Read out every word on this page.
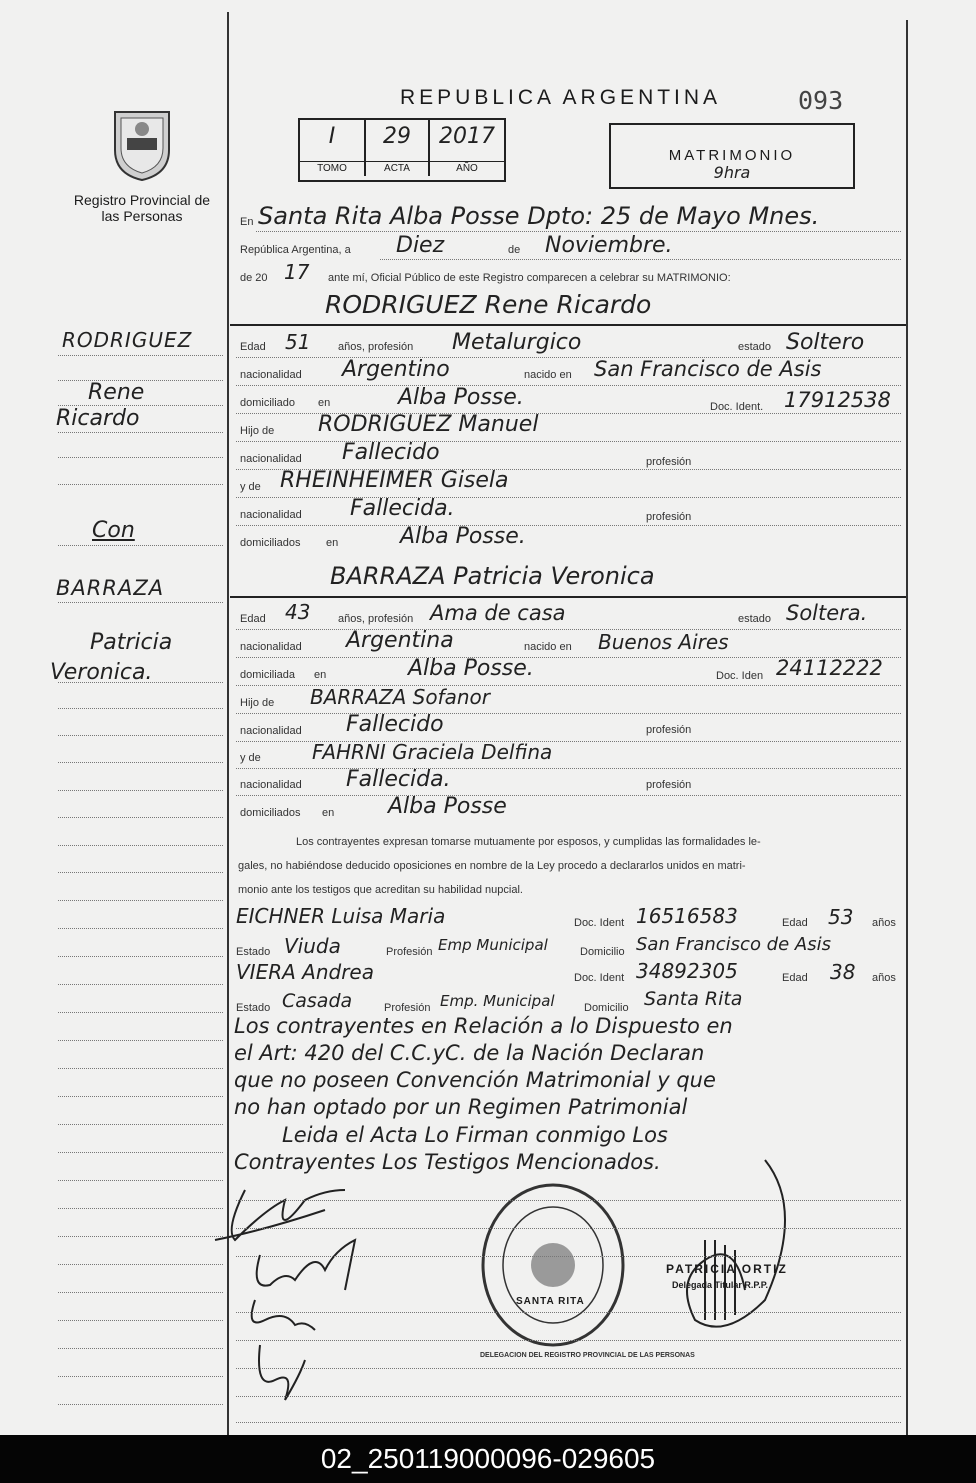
Registro Provincial de las Personas
REPUBLICA ARGENTINA	093
I
TOMO
29
ACTA
2017
AÑO
MATRIMONIO
9hra
En Santa Rita Alba Posse Dpto: 25 de Mayo Mnes.
República Argentina, a Diez	de Noviembre.
de 20 17 ante mí, Oficial Público de este Registro comparecen a celebrar su MATRIMONIO:
RODRIGUEZ Rene Ricardo
Edad 51	años, profesión Metalurgico	estado Soltero
nacionalidad Argentino	nacido en San Francisco de Asis
domiciliado en	Alba Posse.	Doc. Ident. 17912538
Hijo de RODRIGUEZ Manuel
nacionalidad Fallecido	profesión
y de RHEINHEIMER Gisela
nacionalidad Fallecida.	profesión
domiciliados en	Alba Posse.
BARRAZA Patricia Veronica
Edad 43	años, profesión Ama de casa	estado Soltera.
nacionalidad Argentina	nacido en Buenos Aires
domiciliada en	Alba Posse.	Doc. Iden 24112222
Hijo de BARRAZA Sofanor
nacionalidad Fallecido	profesión
y de	FAHRNI Graciela Delfina
nacionalidad Fallecida.	profesión
domiciliados en Alba Posse
Los contrayentes expresan tomarse mutuamente por esposos, y cumplidas las formalidades le-
gales, no habiéndose deducido oposiciones en nombre de la Ley procedo a declararlos unidos en matri-
monio ante los testigos que acreditan su habilidad nupcial.
EICHNER Luisa Maria	Doc. Ident 16516583	Edad 53 años
Estado Viuda	Profesión Emp Municipal	Domicilio San Francisco de Asis
VIERA Andrea	Doc. Ident 34892305	Edad 38 años
Estado Casada	Profesión Emp. Municipal	Domicilio Santa Rita
Los contrayentes en Relación a lo Dispuesto en
el Art: 420 del C.C.yC. de la Nación Declaran
que no poseen Convención Matrimonial y que
no han optado por un Regimen Patrimonial
Leida el Acta Lo Firman conmigo Los
Contrayentes Los Testigos Mencionados.
SANTA RITA
DELEGACION DEL REGISTRO PROVINCIAL DE LAS PERSONAS
PATRICIA ORTIZ
Delegada Titular R.P.P.
RODRIGUEZ
Rene
Ricardo
Con
BARRAZA
Patricia
Veronica.
02_250119000096-029605
